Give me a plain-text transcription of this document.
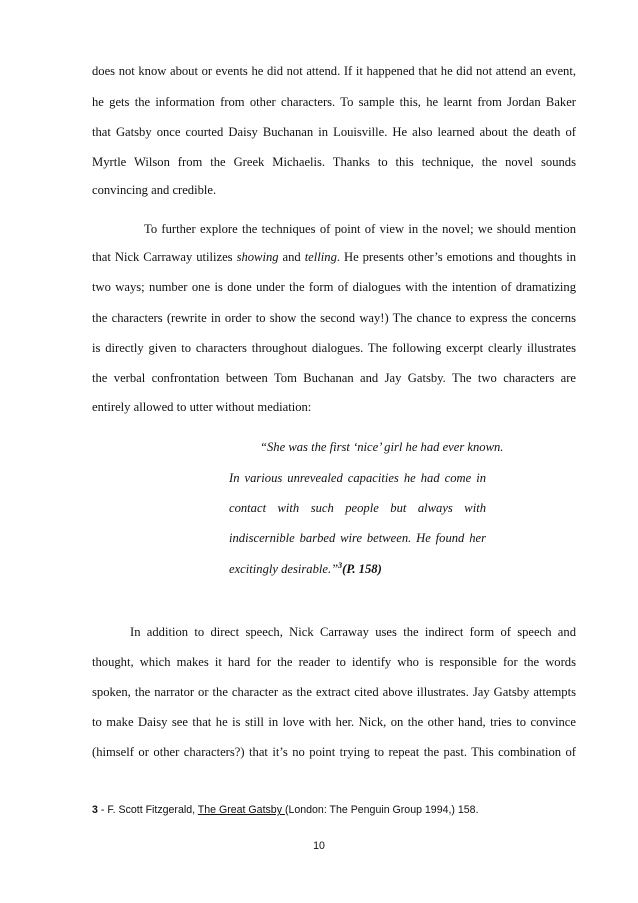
does not know about or events he did not attend. If it happened that he did not attend an event,
he gets the information from other characters. To sample this, he learnt from Jordan Baker
that Gatsby once courted Daisy Buchanan in Louisville. He also learned about the death of
Myrtle Wilson from the Greek Michaelis. Thanks to this technique, the novel sounds
convincing and credible.
To further explore the techniques of point of view in the novel; we should mention
that Nick Carraway utilizes showing and telling. He presents other’s emotions and thoughts in
two ways; number one is done under the form of dialogues with the intention of dramatizing
the characters (rewrite in order to show the second way!) The chance to express the concerns
is directly given to characters throughout dialogues. The following excerpt clearly illustrates
the verbal confrontation between Tom Buchanan and Jay Gatsby. The two characters are
entirely allowed to utter without mediation:
“She was the first ‘nice’ girl he had ever known.
In various unrevealed capacities he had come in
contact with such people but always with
indiscernible barbed wire between. He found her
excitingly desirable.”$^3$(P. 158)
In addition to direct speech, Nick Carraway uses the indirect form of speech and
thought, which makes it hard for the reader to identify who is responsible for the words
spoken, the narrator or the character as the extract cited above illustrates. Jay Gatsby attempts
to make Daisy see that he is still in love with her. Nick, on the other hand, tries to convince
(himself or other characters?) that it’s no point trying to repeat the past. This combination of
3 - F. Scott Fitzgerald, The Great Gatsby (London: The Penguin Group 1994,) 158.
10
